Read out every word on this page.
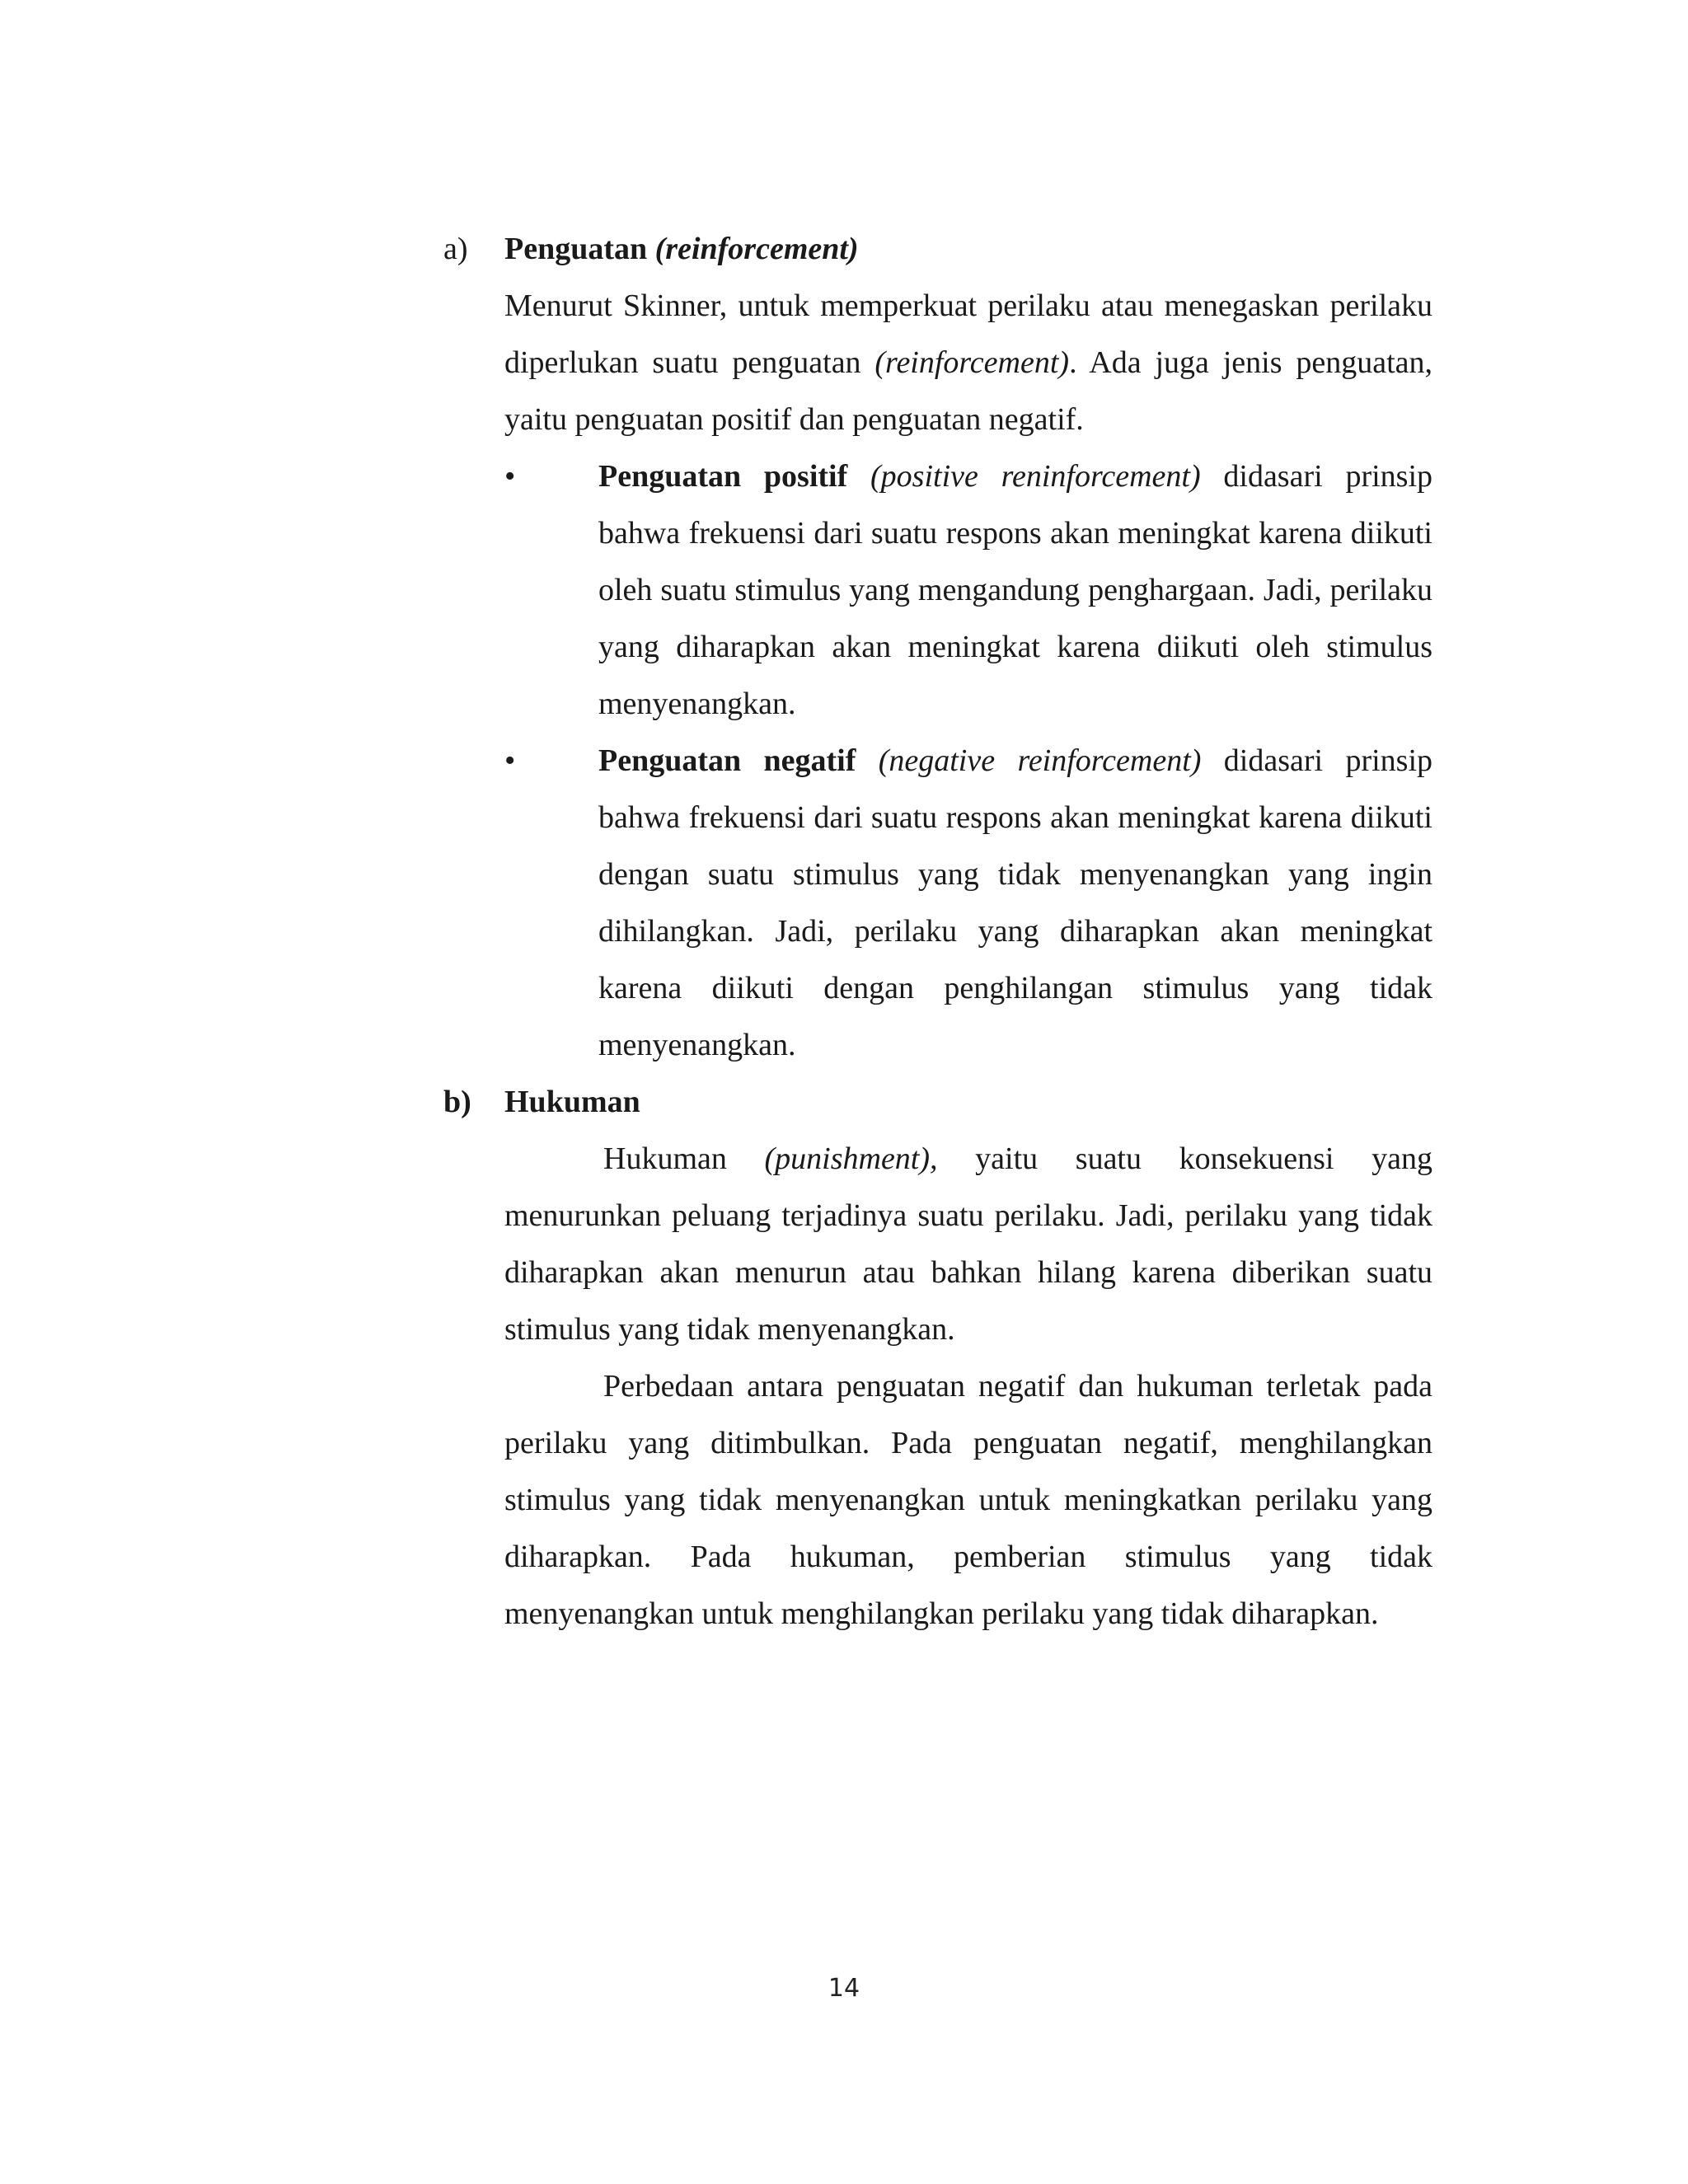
a) Penguatan (reinforcement)
Menurut Skinner, untuk memperkuat perilaku atau menegaskan perilaku diperlukan suatu penguatan (reinforcement). Ada juga jenis penguatan, yaitu penguatan positif dan penguatan negatif.
•	Penguatan positif (positive reninforcement) didasari prinsip bahwa frekuensi dari suatu respons akan meningkat karena diikuti oleh suatu stimulus yang mengandung penghargaan. Jadi, perilaku yang diharapkan akan meningkat karena diikuti oleh stimulus menyenangkan.
•	Penguatan negatif (negative reinforcement) didasari prinsip bahwa frekuensi dari suatu respons akan meningkat karena diikuti dengan suatu stimulus yang tidak menyenangkan yang ingin dihilangkan. Jadi, perilaku yang diharapkan akan meningkat karena diikuti dengan penghilangan stimulus yang tidak menyenangkan.
b) Hukuman
Hukuman (punishment), yaitu suatu konsekuensi yang menurunkan peluang terjadinya suatu perilaku. Jadi, perilaku yang tidak diharapkan akan menurun atau bahkan hilang karena diberikan suatu stimulus yang tidak menyenangkan.
Perbedaan antara penguatan negatif dan hukuman terletak pada perilaku yang ditimbulkan. Pada penguatan negatif, menghilangkan stimulus yang tidak menyenangkan untuk meningkatkan perilaku yang diharapkan. Pada hukuman, pemberian stimulus yang tidak menyenangkan untuk menghilangkan perilaku yang tidak diharapkan.
14
